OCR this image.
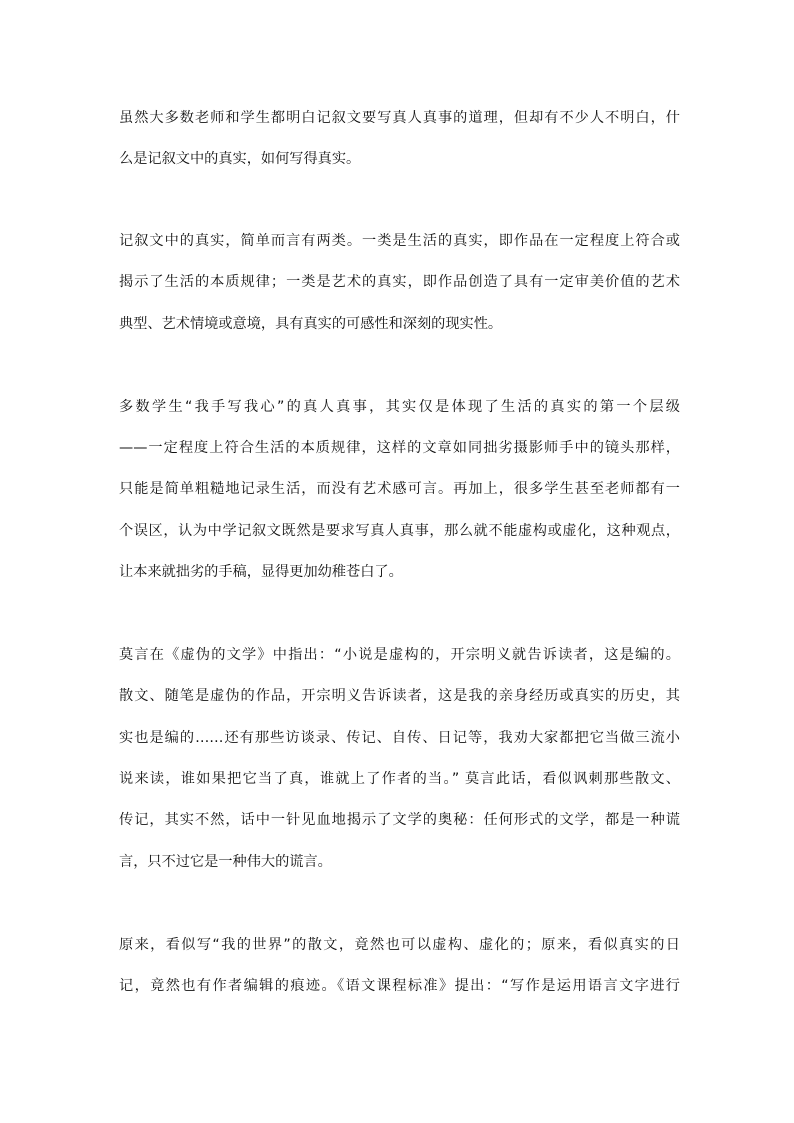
虽然大多数老师和学生都明白记叙文要写真人真事的道理，但却有不少人不明白，什
么是记叙文中的真实，如何写得真实。
记叙文中的真实，简单而言有两类。一类是生活的真实，即作品在一定程度上符合或
揭示了生活的本质规律；一类是艺术的真实，即作品创造了具有一定审美价值的艺术
典型、艺术情境或意境，具有真实的可感性和深刻的现实性。
多数学生“我手写我心”的真人真事，其实仅是体现了生活的真实的第一个层级
——一定程度上符合生活的本质规律，这样的文章如同拙劣摄影师手中的镜头那样，
只能是简单粗糙地记录生活，而没有艺术感可言。再加上，很多学生甚至老师都有一
个误区，认为中学记叙文既然是要求写真人真事，那么就不能虚构或虚化，这种观点，
让本来就拙劣的手稿，显得更加幼稚苍白了。
莫言在《虚伪的文学》中指出：“小说是虚构的，开宗明义就告诉读者，这是编的。
散文、随笔是虚伪的作品，开宗明义告诉读者，这是我的亲身经历或真实的历史，其
实也是编的……还有那些访谈录、传记、自传、日记等，我劝大家都把它当做三流小
说来读，谁如果把它当了真，谁就上了作者的当。” 莫言此话，看似讽刺那些散文、
传记，其实不然，话中一针见血地揭示了文学的奥秘：任何形式的文学，都是一种谎
言，只不过它是一种伟大的谎言。
原来，看似写“我的世界”的散文，竟然也可以虚构、虚化的；原来，看似真实的日
记，竟然也有作者编辑的痕迹。《语文课程标准》提出：“写作是运用语言文字进行
